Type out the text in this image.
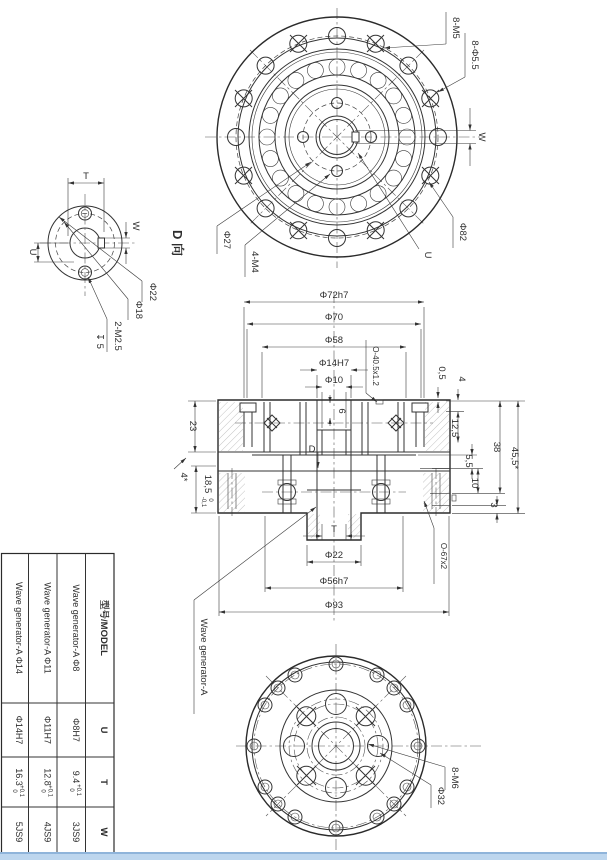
W
8-M5
8-Φ5.5
Φ82
U
Φ27
4-M4
T
W
U
Φ22
Φ18
2-M2.5
↧ 5
D 向
Φ72h7
Φ70
Φ58
Φ14H7
Φ10
6
D
O-40.5x1.2
O-67x2
23
18,5
0
-0,1
4*
0,5 4
12,5
5,5
10
38 45,5*
3
T
Φ22
Φ56h7
Φ93
Wave generator-A
8-M6
Φ32
型号/MODEL
U
T
W
Wave generator-A Φ8
Φ8H7
9.4
+0.1
0
3JS9
Wave generator-A Φ11
Φ11H7
12.8
+0.1
0
4JS9
Wave generator-A Φ14
Φ14H7
16.3
+0.1
0
5JS9
